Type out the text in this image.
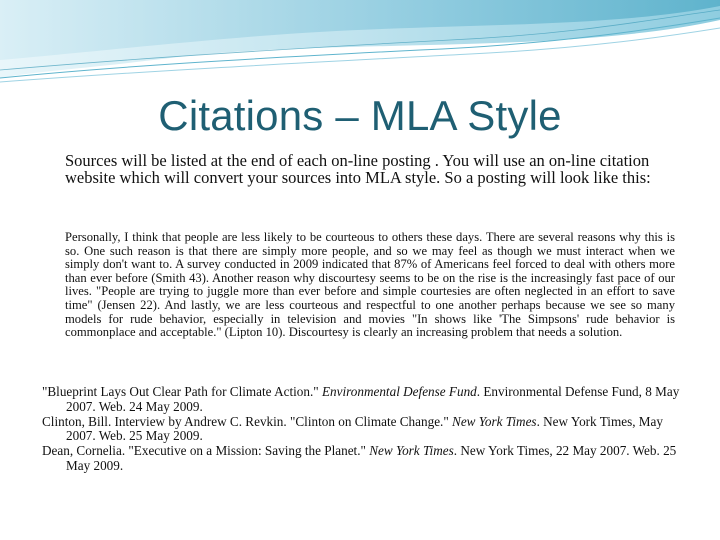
Citations – MLA Style
Sources will be listed at the end of each on-line posting . You will use an on-line citation website which will convert your sources into MLA style. So a posting will look like this:
Personally, I think that people are less likely to be courteous to others these days. There are several reasons why this is so. One such reason is that there are simply more people, and so we may feel as though we must interact when we simply don't want to. A survey conducted in 2009 indicated that 87% of Americans feel forced to deal with others more than ever before (Smith 43). Another reason why discourtesy seems to be on the rise is the increasingly fast pace of our lives. "People are trying to juggle more than ever before and simple courtesies are often neglected in an effort to save time" (Jensen 22). And lastly, we are less courteous and respectful to one another perhaps because we see so many models for rude behavior, especially in television and movies "In shows like 'The Simpsons' rude behavior is commonplace and acceptable." (Lipton 10). Discourtesy is clearly an increasing problem that needs a solution.
"Blueprint Lays Out Clear Path for Climate Action." Environmental Defense Fund. Environmental Defense Fund, 8 May 2007. Web. 24 May 2009.
Clinton, Bill. Interview by Andrew C. Revkin. "Clinton on Climate Change." New York Times. New York Times, May 2007. Web. 25 May 2009.
Dean, Cornelia. "Executive on a Mission: Saving the Planet." New York Times. New York Times, 22 May 2007. Web. 25 May 2009.
